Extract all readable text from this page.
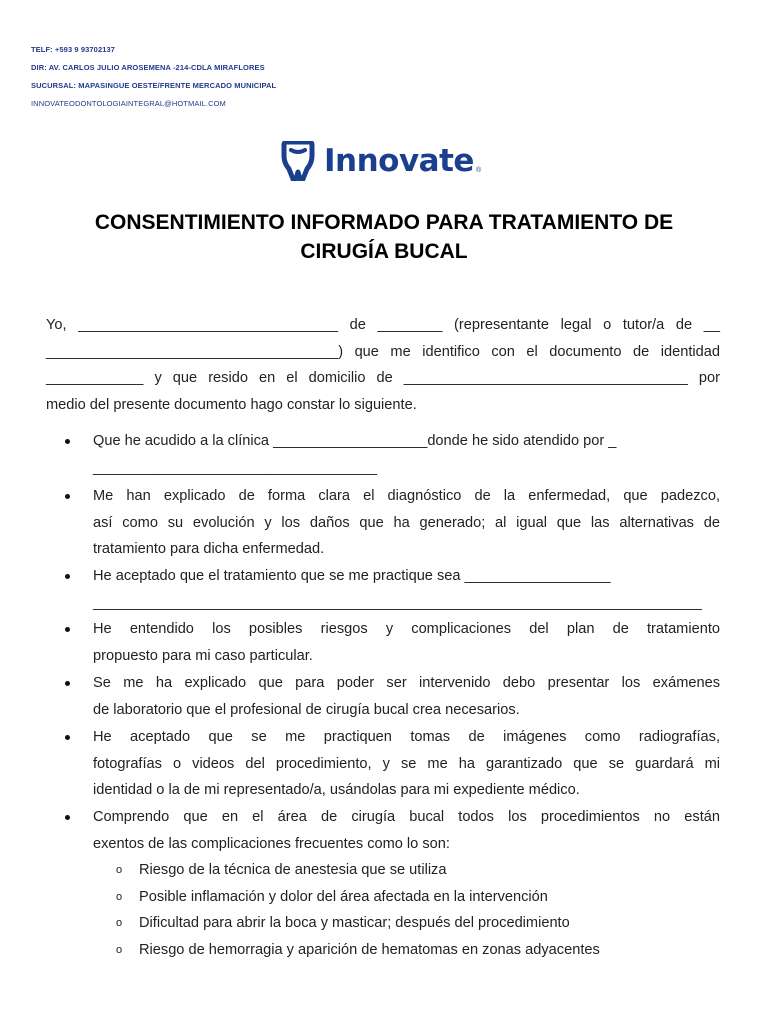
TELF: +593 9 93702137
DIR: AV. CARLOS JULIO AROSEMENA -214-CDLA MIRAFLORES
SUCURSAL: MAPASINGUE OESTE/FRENTE MERCADO MUNICIPAL
INNOVATEODONTOLOGIAINTEGRAL@HOTMAIL.COM
Innovate ®
CONSENTIMIENTO INFORMADO PARA TRATAMIENTO DE
CIRUGÍA BUCAL
Yo, ________________________________ de ________ (representante legal o tutor/a de __
____________________________________) que me identifico con el documento de identidad
____________ y que resido en el domicilio de ___________________________________ por
medio del presente documento hago constar lo siguiente.
Que he acudido a la clínica ___________________donde he sido atendido por _
___________________________________
Me han explicado de forma clara el diagnóstico de la enfermedad, que padezco,
así como su evolución y los daños que ha generado; al igual que las alternativas de
tratamiento para dicha enfermedad.
He aceptado que el tratamiento que se me practique sea __________________
___________________________________________________________________________
He entendido los posibles riesgos y complicaciones del plan de tratamiento
propuesto para mi caso particular.
Se me ha explicado que para poder ser intervenido debo presentar los exámenes
de laboratorio que el profesional de cirugía bucal crea necesarios.
He aceptado que se me practiquen tomas de imágenes como radiografías,
fotografías o videos del procedimiento, y se me ha garantizado que se guardará mi
identidad o la de mi representado/a, usándolas para mi expediente médico.
Comprendo que en el área de cirugía bucal todos los procedimientos no están
exentos de las complicaciones frecuentes como lo son:
o Riesgo de la técnica de anestesia que se utiliza
o Posible inflamación y dolor del área afectada en la intervención
o Dificultad para abrir la boca y masticar; después del procedimiento
o Riesgo de hemorragia y aparición de hematomas en zonas adyacentes
